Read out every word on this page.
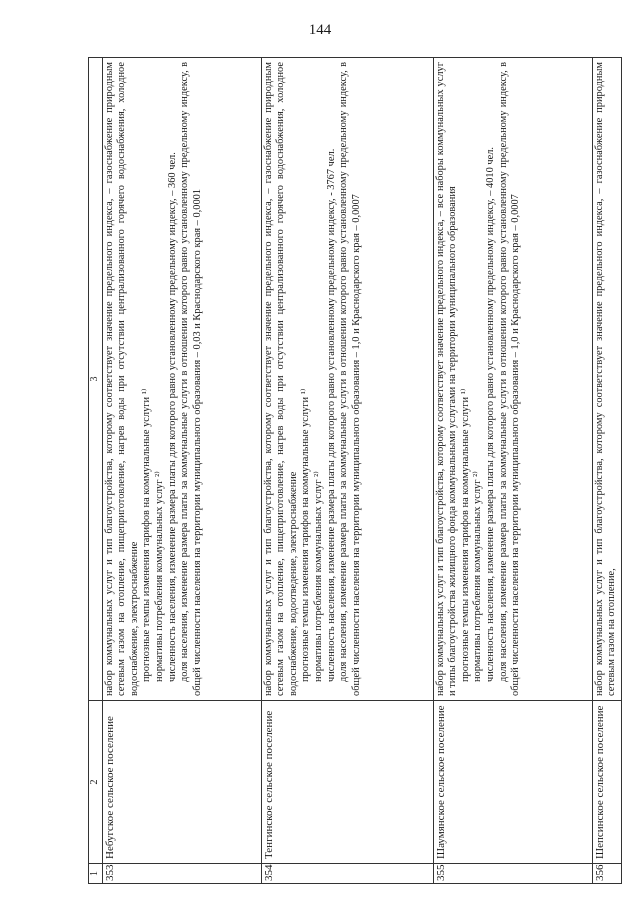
144
1	2	3
353	Небугское сельское поселение	набор коммунальных услуг и тип благоустройства, которому соответствует значение предельного индекса, – газоснабжение природным сетевым газом на отопление, пищеприготовление, нагрев воды при отсутствии централизованного горячего водоснабжения, холодное водоснабжение, электроснабжение прогнозные темпы изменения тарифов на коммунальные услуги ¹⁾ нормативы потребления коммунальных услуг ²⁾ численность населения, изменение размера платы для которого равно установленному предельному индексу, – 360 чел. доля населения, изменение размера платы за коммунальные услуги в отношении которого равно установленному предельному индексу, в общей численности населения на территории муниципального образования – 0,03 и Краснодарского края – 0,0001

354	Тенгинское сельское поселение	набор коммунальных услуг и тип благоустройства, которому соответствует значение предельного индекса, – газоснабжение природным сетевым газом на отопление, пищеприготовление, нагрев воды при отсутствии централизованного горячего водоснабжения, холодное водоснабжение, водоотведение, электроснабжение прогнозные темпы изменения тарифов на коммунальные услуги ¹⁾ нормативы потребления коммунальных услуг ²⁾ численность населения, изменение размера платы для которого равно установленному предельному индексу, - 3767 чел. доля населения, изменение размера платы за коммунальные услуги в отношении которого равно установленному предельному индексу, в общей численности населения на территории муниципального образования – 1,0 и Краснодарского края – 0,0007

355	Шаумянское сельское поселение	набор коммунальных услуг и тип благоустройства, которому соответствует значение предельного индекса, – все наборы коммунальных услуг и типы благоустройства жилищного фонда коммунальными услугами на территории муниципального образования прогнозные темпы изменения тарифов на коммунальные услуги ¹⁾ нормативы потребления коммунальных услуг ²⁾ численность населения, изменение размера платы для которого равно установленному предельному индексу, – 4010 чел. доля населения, изменение размера платы за коммунальные услуги в отношении которого равно установленному предельному индексу, в общей численности населения на территории муниципального образования – 1,0 и Краснодарского края – 0,0007

356	Шепсинское сельское поселение	набор коммунальных услуг и тип благоустройства, которому соответствует значение предельного индекса, – газоснабжение природным сетевым газом на отопление,
